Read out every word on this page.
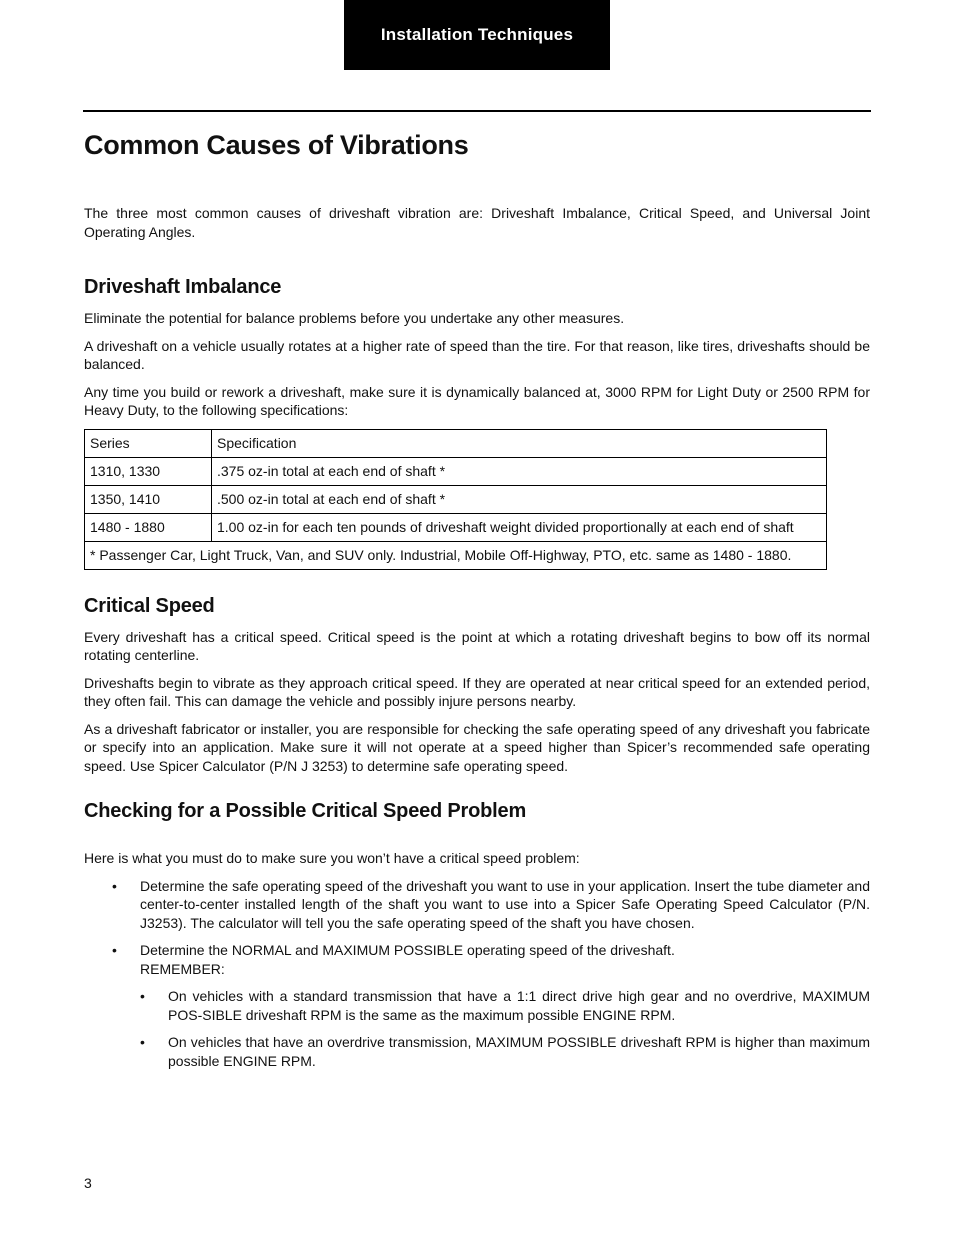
Installation Techniques
Common Causes of Vibrations

The three most common causes of driveshaft vibration are: Driveshaft Imbalance, Critical Speed, and Universal Joint Operating Angles.

Driveshaft Imbalance

Eliminate the potential for balance problems before you undertake any other measures.

A driveshaft on a vehicle usually rotates at a higher rate of speed than the tire. For that reason, like tires, driveshafts should be balanced.

Any time you build or rework a driveshaft, make sure it is dynamically balanced at, 3000 RPM for Light Duty or 2500 RPM for Heavy Duty, to the following specifications:

Series	Specification
1310, 1330	.375 oz-in total at each end of shaft *
1350, 1410	.500 oz-in total at each end of shaft *
1480 - 1880	1.00 oz-in for each ten pounds of driveshaft weight divided proportionally at each end of shaft
* Passenger Car, Light Truck, Van, and SUV only. Industrial, Mobile Off-Highway, PTO, etc. same as 1480 - 1880.	
Critical Speed

Every driveshaft has a critical speed. Critical speed is the point at which a rotating driveshaft begins to bow off its normal rotating centerline.

Driveshafts begin to vibrate as they approach critical speed. If they are operated at near critical speed for an extended period, they often fail. This can damage the vehicle and possibly injure persons nearby.

As a driveshaft fabricator or installer, you are responsible for checking the safe operating speed of any driveshaft you fabricate or specify into an application. Make sure it will not operate at a speed higher than Spicer’s recommended safe operating speed. Use Spicer Calculator (P/N J 3253) to determine safe operating speed.

Checking for a Possible Critical Speed Problem

Here is what you must do to make sure you won’t have a critical speed problem:

• Determine the safe operating speed of the driveshaft you want to use in your application. Insert the tube diameter and center-to-center installed length of the shaft you want to use into a Spicer Safe Operating Speed Calculator (P/N. J3253). The calculator will tell you the safe operating speed of the shaft you have chosen.
• Determine the NORMAL and MAXIMUM POSSIBLE operating speed of the driveshaft.
REMEMBER:
• On vehicles with a standard transmission that have a 1:1 direct drive high gear and no overdrive, MAXIMUM POS-SIBLE driveshaft RPM is the same as the maximum possible ENGINE RPM.
• On vehicles that have an overdrive transmission, MAXIMUM POSSIBLE driveshaft RPM is higher than maximum possible ENGINE RPM.
3
